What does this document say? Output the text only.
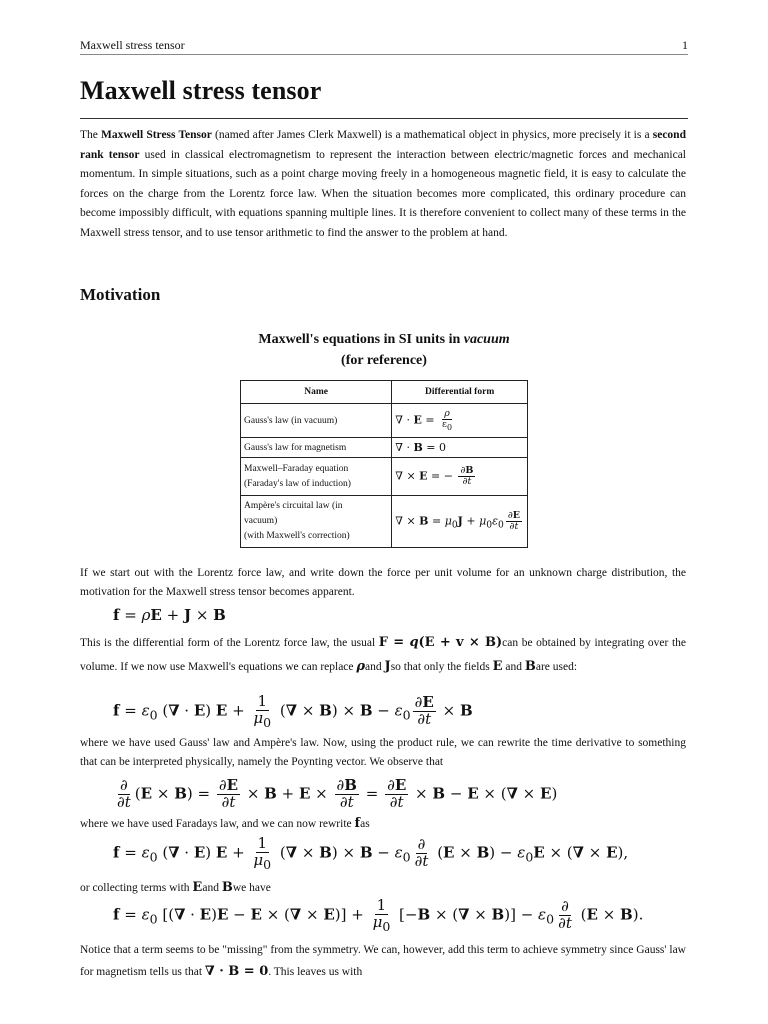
Maxwell stress tensor	1
Maxwell stress tensor

The Maxwell Stress Tensor (named after James Clerk Maxwell) is a mathematical object in physics, more precisely it is a second rank tensor used in classical electromagnetism to represent the interaction between electric/magnetic forces and mechanical momentum. In simple situations, such as a point charge moving freely in a homogeneous magnetic field, it is easy to calculate the forces on the charge from the Lorentz force law. When the situation becomes more complicated, this ordinary procedure can become impossibly difficult, with equations spanning multiple lines. It is therefore convenient to collect many of these terms in the Maxwell stress tensor, and to use tensor arithmetic to find the answer to the problem at hand.

Motivation
Maxwell's equations in SI units in vacuum
(for reference)
Name	Differential form
Gauss's law (in vacuum)	∇ · $E = \frac{\rho}{\varepsilon_0}$

Gauss's law for magnetism	∇ · B = 0
Maxwell–Faraday equation
(Faraday's law of induction)	∇ × E = − $\frac{\partial B}{\partial t}$

Ampère's circuital law (in
vacuum)
(with Maxwell's correction)	∇ × $B = \mu_0J + \mu_0\varepsilon_0 \frac{\partial E}{\partial t}$

If we start out with the Lorentz force law, and write down the force per unit volume for an unknown charge distribution, the motivation for the Maxwell stress tensor becomes apparent.

f = ρE + J × B

This is the differential form of the Lorentz force law, the usual F = q(E + v × B)can be obtained by integrating over the volume. If we now use Maxwell's equations we can replace ρand Jso that only the fields E and Bare used:

$f = \varepsilon_0$ (∇ · E) $E + \frac{1}{\mu_0}$ (∇ × $B) \times B - \varepsilon_0 \frac{\partial E}{\partial t} \times B$

where we have used Gauss' law and Ampère's law. Now, using the product rule, we can rewrite the time derivative to something that can be interpreted physically, namely the Poynting vector. We observe that

$\frac{\partial}{\partial t} (E \times B) = \frac{\partial E}{\partial t} \times B + E \times \frac{\partial B}{\partial t} = \frac{\partial E}{\partial t} \times B - E$ × (∇ × E)

where we have used Faradays law, and we can now rewrite fas

$f = \varepsilon_0$ (∇ · E) $E + \frac{1}{\mu_0}$ (∇ × $B) \times B - \varepsilon_0 \frac{\partial}{\partial t} (E \times B) - \varepsilon_0E$ × (∇ × E),

or collecting terms with Eand Bwe have

$f = \varepsilon_0$ [(∇ · E)E − E × (∇ × $E)] + \frac{1}{\mu_0} [-B$ × (∇ × $B)] - \varepsilon_0 \frac{\partial}{\partial t} (E \times B)$.

Notice that a term seems to be "missing" from the symmetry. We can, however, add this term to achieve symmetry since Gauss' law for magnetism tells us that ∇ · B = 0. This leaves us with
